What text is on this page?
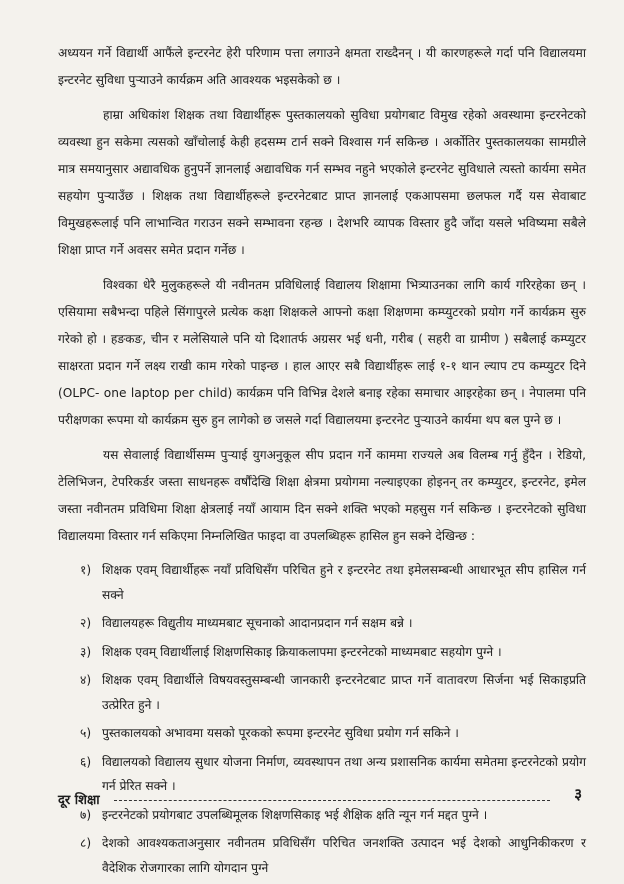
अध्ययन गर्ने विद्यार्थी आफैंले इन्टरनेट हेरी परिणाम पत्ता लगाउने क्षमता राख्दैनन् । यी कारणहरूले गर्दा पनि विद्यालयमा इन्टरनेट सुविधा पुऱ्याउने कार्यक्रम अति आवश्यक भइसकेको छ ।

हाम्रा अधिकांश शिक्षक तथा विद्यार्थीहरू पुस्तकालयको सुविधा प्रयोगबाट विमुख रहेको अवस्थामा इन्टरनेटको व्यवस्था हुन सकेमा त्यसको खाँचोलाई केही हदसम्म टार्न सक्ने विश्वास गर्न सकिन्छ । अर्कोतिर पुस्तकालयका सामग्रीले मात्र समयानुसार अद्यावधिक हुनुपर्ने ज्ञानलाई अद्यावधिक गर्न सम्भव नहुने भएकोले इन्टरनेट सुविधाले त्यस्तो कार्यमा समेत सहयोग पुऱ्याउँछ । शिक्षक तथा विद्यार्थीहरूले इन्टरनेटबाट प्राप्त ज्ञानलाई एकआपसमा छलफल गर्दै यस सेवाबाट विमुखहरूलाई पनि लाभान्वित गराउन सक्ने सम्भावना रहन्छ । देशभरि व्यापक विस्तार हुदै जाँदा यसले भविष्यमा सबैले शिक्षा प्राप्त गर्ने अवसर समेत प्रदान गर्नेछ ।

विश्वका धेरै मुलुकहरूले यी नवीनतम प्रविधिलाई विद्यालय शिक्षामा भित्र्याउनका लागि कार्य गरिरहेका छन् । एसियामा सबैभन्दा पहिले सिंगापुरले प्रत्येक कक्षा शिक्षकले आफ्नो कक्षा शिक्षणमा कम्प्युटरको प्रयोग गर्ने कार्यक्रम सुरु गरेको हो । हङकङ, चीन र मलेसियाले पनि यो दिशातर्फ अग्रसर भई धनी, गरीब ( सहरी वा ग्रामीण ) सबैलाई कम्प्युटर साक्षरता प्रदान गर्ने लक्ष्य राखी काम गरेको पाइन्छ । हाल आएर सबै विद्यार्थीहरू लाई १-१ थान ल्याप टप कम्प्युटर दिने (OLPC- one laptop per child) कार्यक्रम पनि विभिन्न देशले बनाइ रहेका समाचार आइरहेका छन् । नेपालमा पनि परीक्षणका रूपमा यो कार्यक्रम सुरु हुन लागेको छ जसले गर्दा विद्यालयमा इन्टरनेट पुऱ्याउने कार्यमा थप बल पुग्ने छ ।

यस सेवालाई विद्यार्थीसम्म पुऱ्याई युगअनुकूल सीप प्रदान गर्ने काममा राज्यले अब विलम्ब गर्नु हुँदैन । रेडियो, टेलिभिजन, टेपरिकर्डर जस्ता साधनहरू वर्षौंदेखि शिक्षा क्षेत्रमा प्रयोगमा नल्याइएका होइनन् तर कम्प्युटर, इन्टरनेट, इमेल जस्ता नवीनतम प्रविधिमा शिक्षा क्षेत्रलाई नयाँ आयाम दिन सक्ने शक्ति भएको महसुस गर्न सकिन्छ । इन्टरनेटको सुविधा विद्यालयमा विस्तार गर्न सकिएमा निम्नलिखित फाइदा वा उपलब्धिहरू हासिल हुन सक्ने देखिन्छ :

१) शिक्षक एवम् विद्यार्थीहरू नयाँ प्रविधिसँग परिचित हुने र इन्टरनेट तथा इमेलसम्बन्धी आधारभूत सीप हासिल गर्न सक्ने
२) विद्यालयहरू विद्युतीय माध्यमबाट सूचनाको आदानप्रदान गर्न सक्षम बन्ने ।
३) शिक्षक एवम् विद्यार्थीलाई शिक्षणसिकाइ क्रियाकलापमा इन्टरनेटको माध्यमबाट सहयोग पुग्ने ।
४) शिक्षक एवम् विद्यार्थीले विषयवस्तुसम्बन्धी जानकारी इन्टरनेटबाट प्राप्त गर्ने वातावरण सिर्जना भई सिकाइप्रति उत्प्रेरित हुने ।
५) पुस्तकालयको अभावमा यसको पूरकको रूपमा इन्टरनेट सुविधा प्रयोग गर्न सकिने ।
६) विद्यालयको विद्यालय सुधार योजना निर्माण, व्यवस्थापन तथा अन्य प्रशासनिक कार्यमा समेतमा इन्टरनेटको प्रयोग गर्न प्रेरित सक्ने ।
७) इन्टरनेटको प्रयोगबाट उपलब्धिमूलक शिक्षणसिकाइ भई शैक्षिक क्षति न्यून गर्न मद्दत पुग्ने ।
८) देशको आवश्यकताअनुसार नवीनतम प्रविधिसँग परिचित जनशक्ति उत्पादन भई देशको आधुनिकीकरण र वैदेशिक रोजगारका लागि योगदान पुग्ने
दूर शिक्षा	३
